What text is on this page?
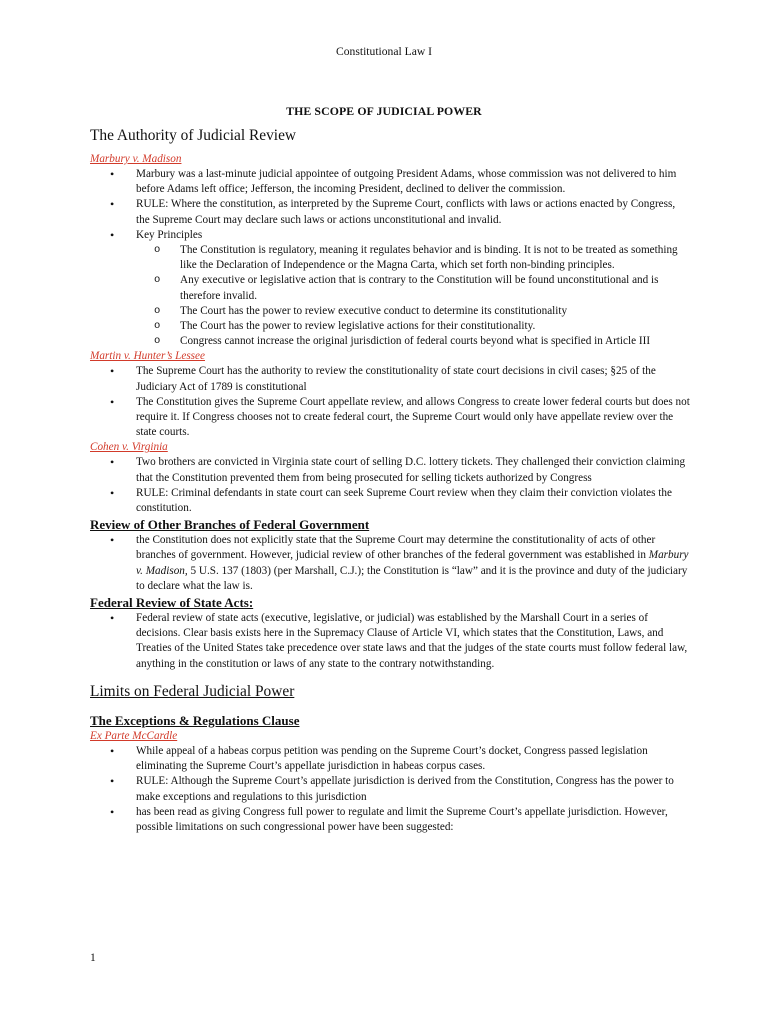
Constitutional Law I
THE SCOPE OF JUDICIAL POWER
The Authority of Judicial Review

Marbury v. Madison

• Marbury was a last-minute judicial appointee of outgoing President Adams, whose commission was not delivered to him before Adams left office; Jefferson, the incoming President, declined to deliver the commission.
• RULE: Where the constitution, as interpreted by the Supreme Court, conflicts with laws or actions enacted by Congress, the Supreme Court may declare such laws or actions unconstitutional and invalid.
• Key Principles
o The Constitution is regulatory, meaning it regulates behavior and is binding. It is not to be treated as something like the Declaration of Independence or the Magna Carta, which set forth non-binding principles.
o Any executive or legislative action that is contrary to the Constitution will be found unconstitutional and is therefore invalid.
o The Court has the power to review executive conduct to determine its constitutionality
o The Court has the power to review legislative actions for their constitutionality.
o Congress cannot increase the original jurisdiction of federal courts beyond what is specified in Article III

Martin v. Hunter’s Lessee

• The Supreme Court has the authority to review the constitutionality of state court decisions in civil cases; §25 of the Judiciary Act of 1789 is constitutional
• The Constitution gives the Supreme Court appellate review, and allows Congress to create lower federal courts but does not require it. If Congress chooses not to create federal court, the Supreme Court would only have appellate review over the state courts.

Cohen v. Virginia

• Two brothers are convicted in Virginia state court of selling D.C. lottery tickets. They challenged their conviction claiming that the Constitution prevented them from being prosecuted for selling tickets authorized by Congress
• RULE: Criminal defendants in state court can seek Supreme Court review when they claim their conviction violates the constitution.
Review of Other Branches of Federal Government
• the Constitution does not explicitly state that the Supreme Court may determine the constitutionality of acts of other branches of government. However, judicial review of other branches of the federal government was established in Marbury v. Madison, 5 U.S. 137 (1803) (per Marshall, C.J.); the Constitution is “law” and it is the province and duty of the judiciary to declare what the law is.
Federal Review of State Acts:
• Federal review of state acts (executive, legislative, or judicial) was established by the Marshall Court in a series of decisions. Clear basis exists here in the Supremacy Clause of Article VI, which states that the Constitution, Laws, and Treaties of the United States take precedence over state laws and that the judges of the state courts must follow federal law, anything in the constitution or laws of any state to the contrary notwithstanding.
Limits on Federal Judicial Power
The Exceptions & Regulations Clause

Ex Parte McCardle

• While appeal of a habeas corpus petition was pending on the Supreme Court’s docket, Congress passed legislation eliminating the Supreme Court’s appellate jurisdiction in habeas corpus cases.
• RULE: Although the Supreme Court’s appellate jurisdiction is derived from the Constitution, Congress has the power to make exceptions and regulations to this jurisdiction
• has been read as giving Congress full power to regulate and limit the Supreme Court’s appellate jurisdiction. However, possible limitations on such congressional power have been suggested:
1
